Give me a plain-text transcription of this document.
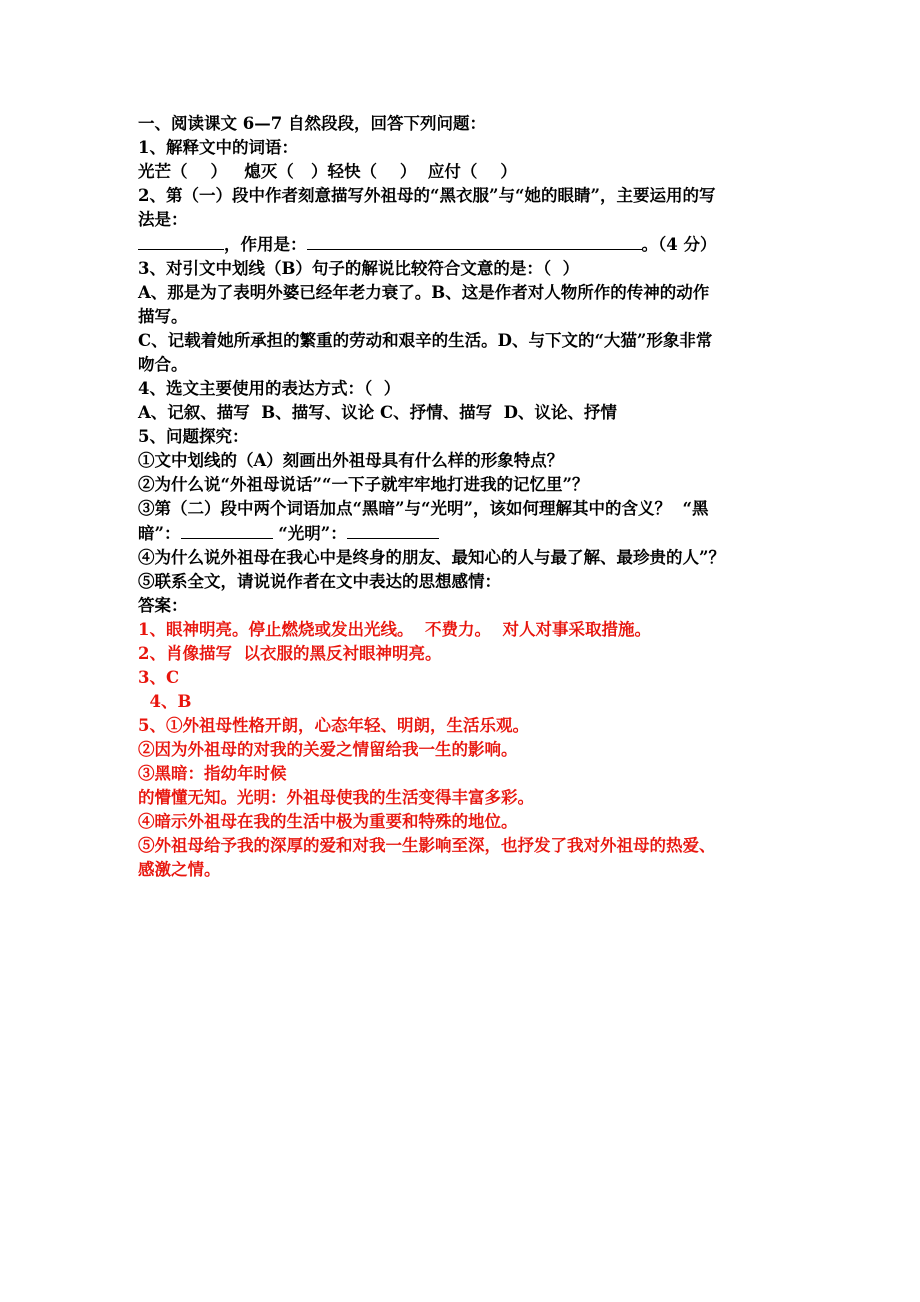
一、阅读课文 6—7 自然段段，回答下列问题：
1、解释文中的词语：
光芒（    ）   熄灭（   ）轻快（    ）  应付（    ）
2、第（一）段中作者刻意描写外祖母的“黑衣服”与“她的眼睛”，主要运用的写
法是：
，作用是：	。（4 分）
3、对引文中划线（B）句子的解说比较符合文意的是：（  ）
A、那是为了表明外婆已经年老力衰了。B、这是作者对人物所作的传神的动作
描写。
C、记载着她所承担的繁重的劳动和艰辛的生活。D、与下文的“大猫”形象非常
吻合。
4、选文主要使用的表达方式：（  ）
A、记叙、描写  B、描写、议论 C、抒情、描写  D、议论、抒情
5、问题探究：
①文中划线的（A）刻画出外祖母具有什么样的形象特点？
②为什么说“外祖母说话”“一下子就牢牢地打进我的记忆里”？
③第（二）段中两个词语加点“黑暗”与“光明”，该如何理解其中的含义？  “黑
暗”：	“光明”：
④为什么说外祖母在我心中是终身的朋友、最知心的人与最了解、最珍贵的人”？
⑤联系全文，请说说作者在文中表达的思想感情：
答案：
1、眼神明亮。停止燃烧或发出光线。  不费力。  对人对事采取措施。
2、肖像描写  以衣服的黑反衬眼神明亮。
3、C
4、B
5、①外祖母性格开朗，心态年轻、明朗，生活乐观。
②因为外祖母的对我的关爱之情留给我一生的影响。
③黑暗：指幼年时候
的懵懂无知。光明：外祖母使我的生活变得丰富多彩。
④暗示外祖母在我的生活中极为重要和特殊的地位。
⑤外祖母给予我的深厚的爱和对我一生影响至深，也抒发了我对外祖母的热爱、
感激之情。
